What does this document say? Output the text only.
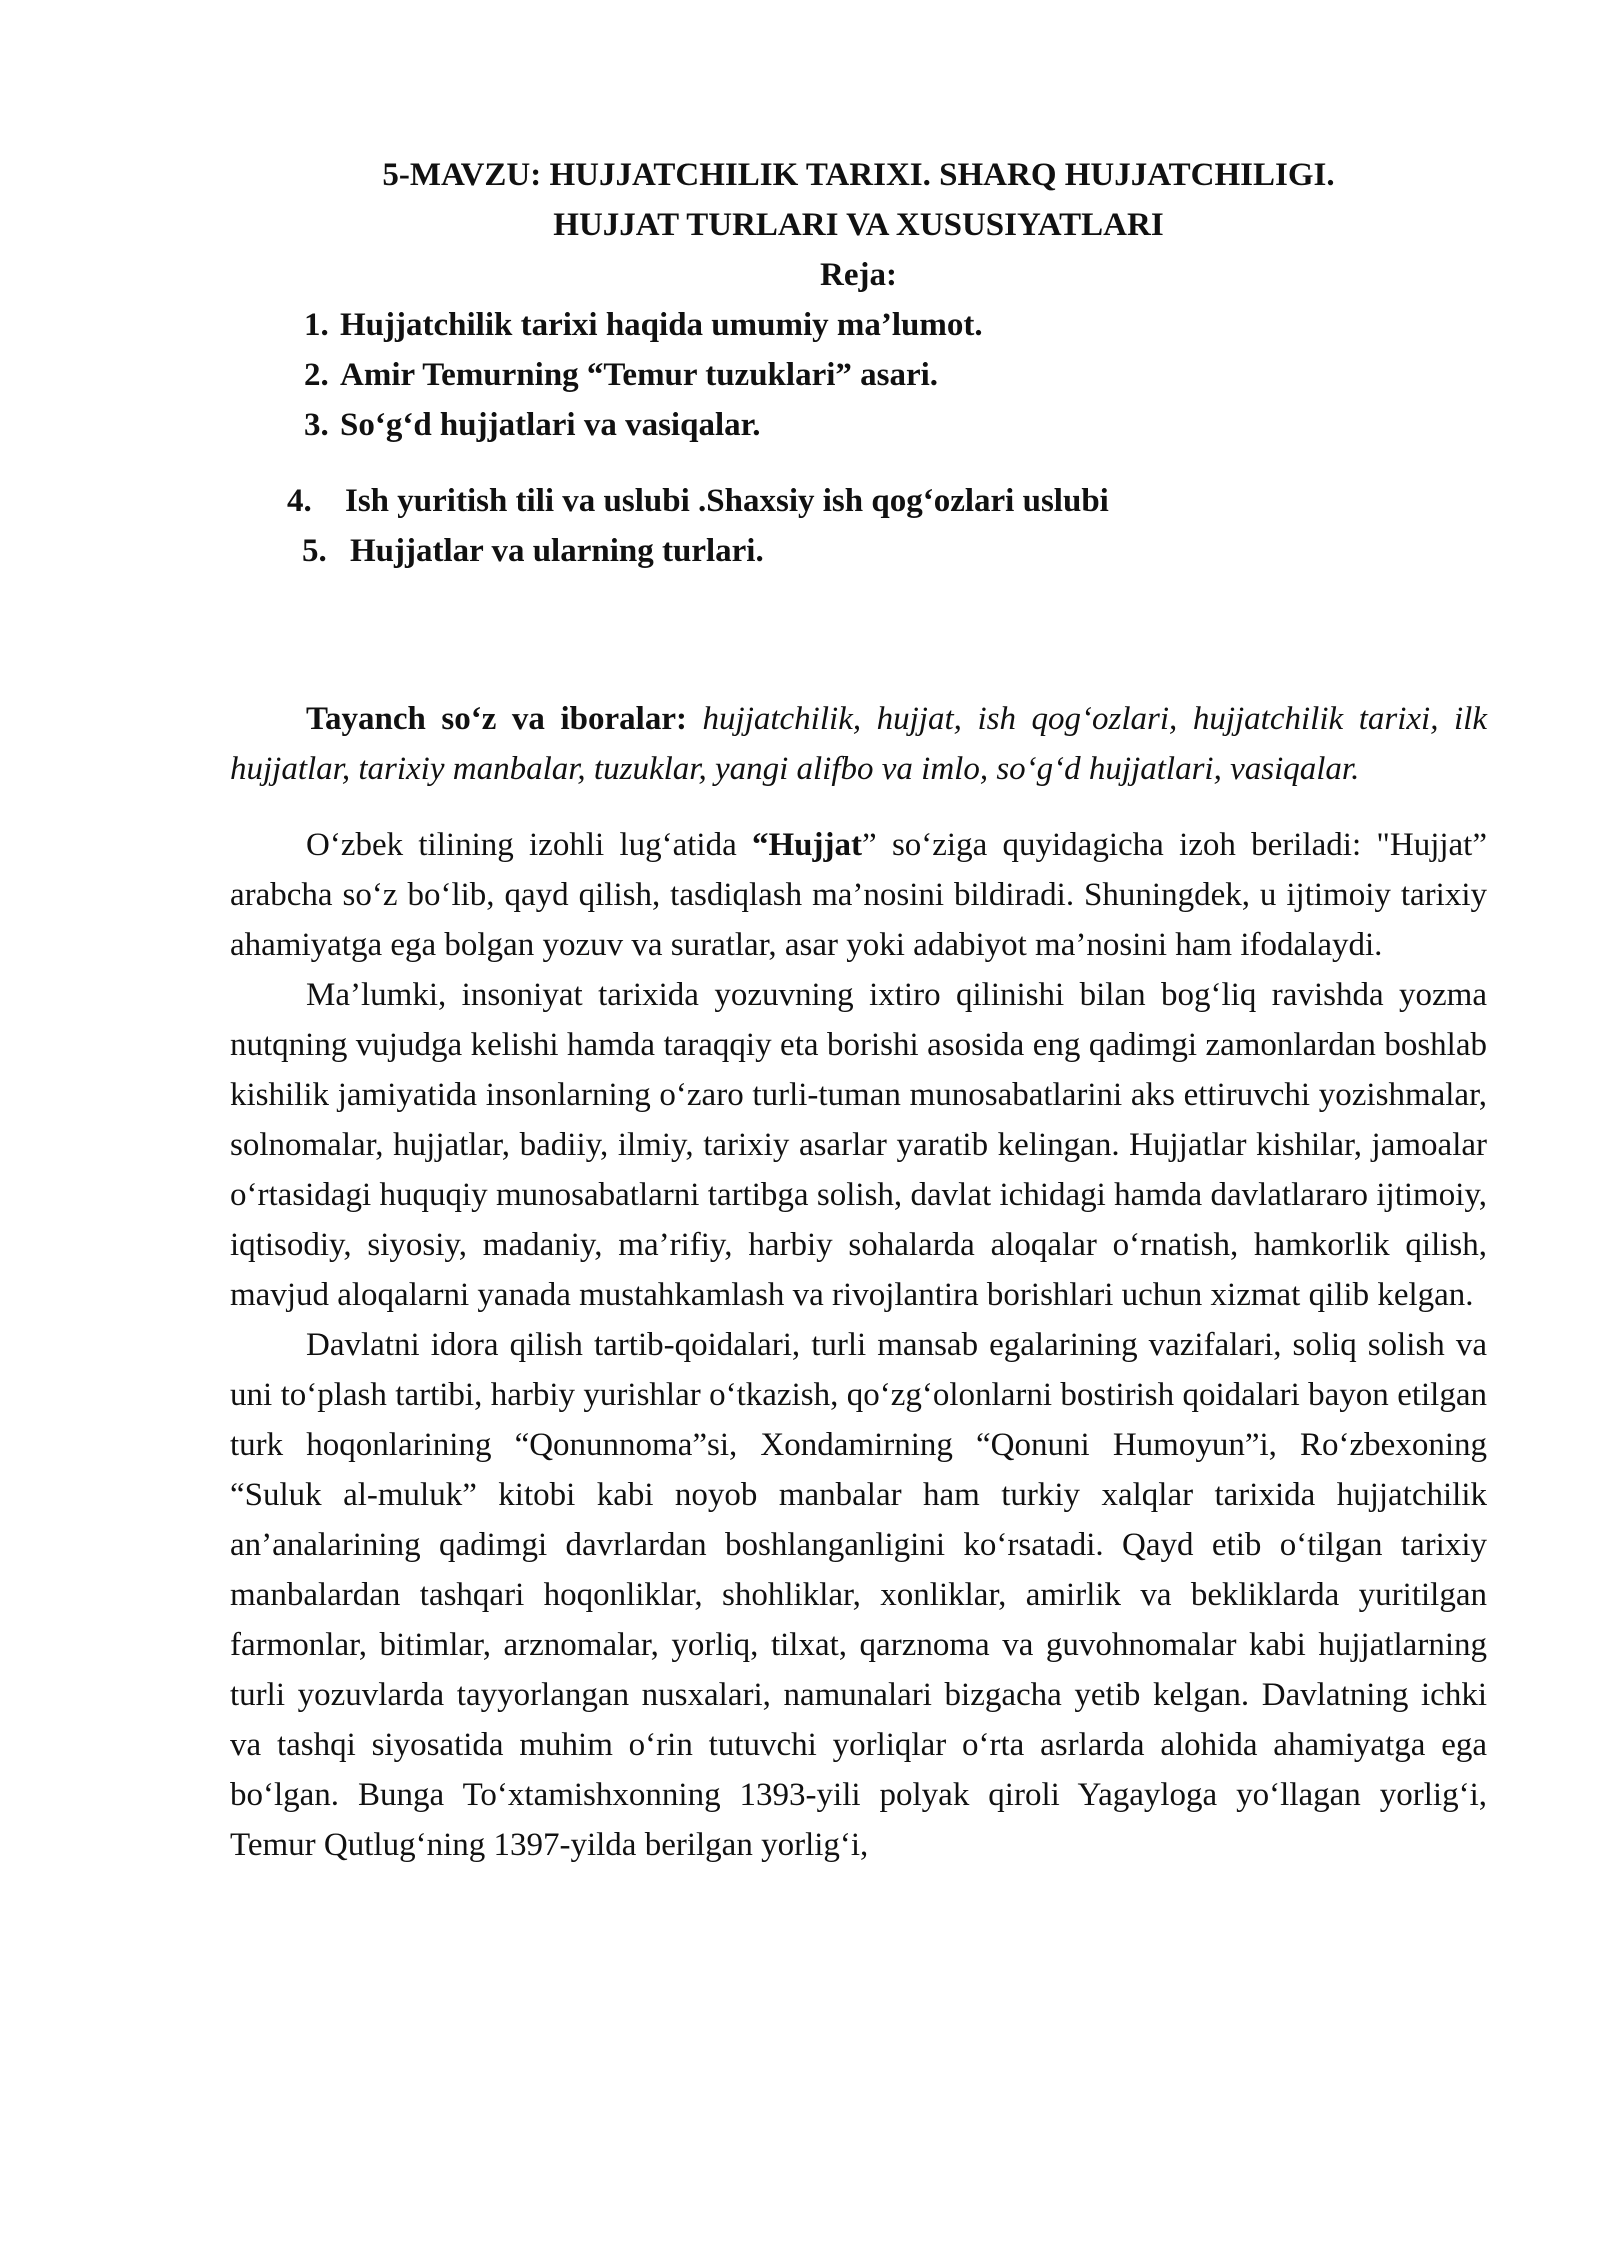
5-MAVZU: HUJJATCHILIK TARIXI. SHARQ HUJJATCHILIGI.
HUJJAT TURLARI VA XUSUSIYATLARI
Reja:
1. Hujjatchilik tarixi haqida umumiy ma’lumot.
2. Amir Temurning “Temur tuzuklari” asari.
3. So‘g‘d hujjatlari va vasiqalar.
4. Ish yuritish tili va uslubi .Shaxsiy ish qog‘ozlari uslubi
5. Hujjatlar va ularning turlari.

Tayanch so‘z va iboralar: hujjatchilik, hujjat, ish qog‘ozlari, hujjatchilik tarixi, ilk hujjatlar, tarixiy manbalar, tuzuklar, yangi alifbo va imlo, so‘g‘d hujjatlari, vasiqalar.

O‘zbek tilining izohli lug‘atida “Hujjat” so‘ziga quyidagicha izoh beriladi: "Hujjat” arabcha so‘z bo‘lib, qayd qilish, tasdiqlash ma’nosini bildiradi. Shuningdek, u ijtimoiy tarixiy ahamiyatga ega bolgan yozuv va suratlar, asar yoki adabiyot ma’nosini ham ifodalaydi.

Ma’lumki, insoniyat tarixida yozuvning ixtiro qilinishi bilan bog‘liq ravishda yozma nutqning vujudga kelishi hamda taraqqiy eta borishi asosida eng qadimgi zamonlardan boshlab kishilik jamiyatida insonlarning o‘zaro turli-tuman munosabatlarini aks ettiruvchi yozishmalar, solnomalar, hujjatlar, badiiy, ilmiy, tarixiy asarlar yaratib kelingan. Hujjatlar kishilar, jamoalar o‘rtasidagi huquqiy munosabatlarni tartibga solish, davlat ichidagi hamda davlatlararo ijtimoiy, iqtisodiy, siyosiy, madaniy, ma’rifiy, harbiy sohalarda aloqalar o‘rnatish, hamkorlik qilish, mavjud aloqalarni yanada mustahkamlash va rivojlantira borishlari uchun xizmat qilib kelgan.

Davlatni idora qilish tartib-qoidalari, turli mansab egalarining vazifalari, soliq solish va uni to‘plash tartibi, harbiy yurishlar o‘tkazish, qo‘zg‘olonlarni bostirish qoidalari bayon etilgan turk hoqonlarining “Qonunnoma”si, Xondamirning “Qonuni Humoyun”i, Ro‘zbexoning “Suluk al-muluk” kitobi kabi noyob manbalar ham turkiy xalqlar tarixida hujjatchilik an’analarining qadimgi davrlardan boshlanganligini ko‘rsatadi. Qayd etib o‘tilgan tarixiy manbalardan tashqari hoqonliklar, shohliklar, xonliklar, amirlik va bekliklarda yuritilgan farmonlar, bitimlar, arznomalar, yorliq, tilxat, qarznoma va guvohnomalar kabi hujjatlarning turli yozuvlarda tayyorlangan nusxalari, namunalari bizgacha yetib kelgan. Davlatning ichki va tashqi siyosatida muhim o‘rin tutuvchi yorliqlar o‘rta asrlarda alohida ahamiyatga ega bo‘lgan. Bunga To‘xtamishxonning 1393-yili polyak qiroli Yagayloga yo‘llagan yorlig‘i, Temur Qutlug‘ning 1397-yilda berilgan yorlig‘i,
